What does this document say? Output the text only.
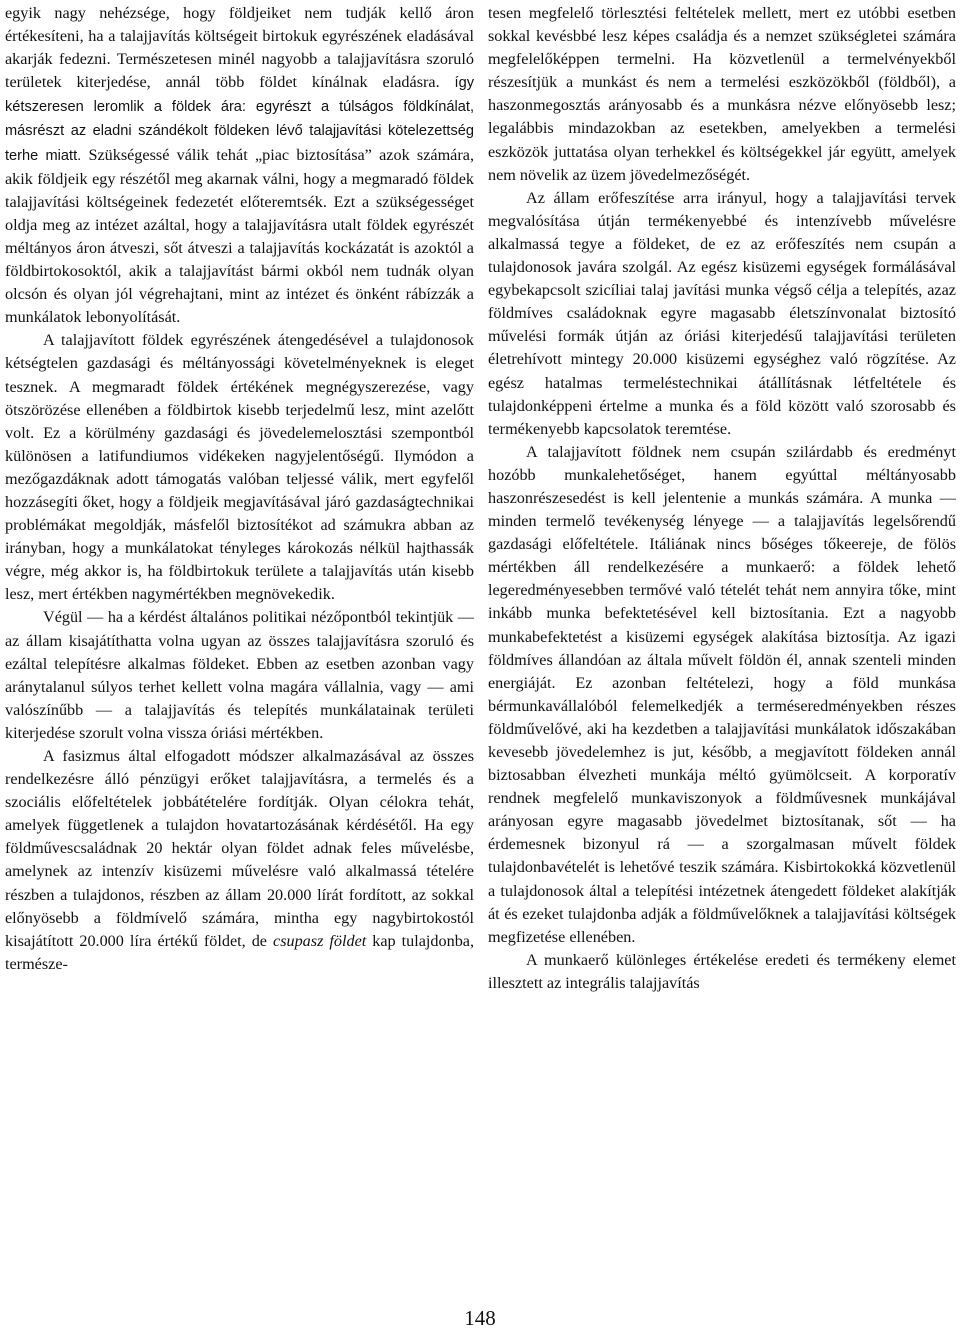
egyik nagy nehézsége, hogy földjeiket nem tudják kellő áron értékesíteni, ha a talajjavítás költségeit birtokuk egyrészének eladásával akarják fedezni. Természetesen minél nagyobb a talajjavításra szoruló területek kiterjedése, annál több földet kínálnak eladásra. így kétszeresen leromlik a földek ára: egyrészt a túlságos földkínálat, másrészt az eladni szándékolt földeken lévő talajjavítási kötelezettség terhe miatt. Szükségessé válik tehát „piac biztosítása” azok számára, akik földjeik egy részétől meg akarnak válni, hogy a megmaradó földek talajjavítási költségeinek fedezetét előteremtsék. Ezt a szükségességet oldja meg az intézet azáltal, hogy a talajjavításra utalt földek egyrészét méltányos áron átveszi, sőt átveszi a talajjavítás kockázatát is azoktól a földbirtokosoktól, akik a talajjavítást bármi okból nem tudnák olyan olcsón és olyan jól végrehajtani, mint az intézet és önként rábízzák a munkálatok lebonyolítását.

A talajjavított földek egyrészének átengedésével a tulajdonosok kétségtelen gazdasági és méltányossági követelményeknek is eleget tesznek. A megmaradt földek értékének megnégyszerezése, vagy ötszörözése ellenében a földbirtok kisebb terjedelmű lesz, mint azelőtt volt. Ez a körülmény gazdasági és jövedelemelosztási szempontból különösen a latifundiumos vidékeken nagyjelentőségű. Ilymódon a mezőgazdáknak adott támogatás valóban teljessé válik, mert egyfelől hozzásegíti őket, hogy a földjeik megjavításával járó gazdaságtechnikai problémákat megoldják, másfelől biztosítékot ad számukra abban az irányban, hogy a munkálatokat tényleges károkozás nélkül hajthassák végre, még akkor is, ha földbirtokuk területe a talajjavítás után kisebb lesz, mert értékben nagymértékben megnövekedik.

Végül — ha a kérdést általános politikai nézőpontból tekintjük — az állam kisajátíthatta volna ugyan az összes talajjavításra szoruló és ezáltal telepítésre alkalmas földeket. Ebben az esetben azonban vagy aránytalanul súlyos terhet kellett volna magára vállalnia, vagy — ami valószínűbb — a talajjavítás és telepítés munkálatainak területi kiterjedése szorult volna vissza óriási mértékben.

A fasizmus által elfogadott módszer alkalmazásával az összes rendelkezésre álló pénzügyi erőket talajjavításra, a termelés és a szociális előfeltételek jobbátételére fordítják. Olyan célokra tehát, amelyek függetlenek a tulajdon hovatartozásának kérdésétől. Ha egy földművescsaládnak 20 hektár olyan földet adnak feles művelésbe, amelynek az intenzív kisüzemi művelésre való alkalmassá tételére részben a tulajdonos, részben az állam 20.000 lírát fordított, az sokkal előnyösebb a földmívelő számára, mintha egy nagybirtokostól kisajátított 20.000 líra értékű földet, de csupasz földet kap tulajdonba, természe-

tesen megfelelő törlesztési feltételek mellett, mert ez utóbbi esetben sokkal kevésbbé lesz képes családja és a nemzet szükségletei számára megfelelőképpen termelni. Ha közvetlenül a termelvényekből részesítjük a munkást és nem a termelési eszközökből (földből), a haszonmegosztás arányosabb és a munkásra nézve előnyösebb lesz; legalábbis mindazokban az esetekben, amelyekben a termelési eszközök juttatása olyan terhekkel és költségekkel jár együtt, amelyek nem növelik az üzem jövedelmezőségét.

Az állam erőfeszítése arra irányul, hogy a talajjavítási tervek megvalósítása útján termékenyebbé és intenzívebb művelésre alkalmassá tegye a földeket, de ez az erőfeszítés nem csupán a tulajdonosok javára szolgál. Az egész kisüzemi egységek formálásával egybekapcsolt szicíliai talaj javítási munka végső célja a telepítés, azaz földmíves családoknak egyre magasabb életszínvonalat biztosító művelési formák útján az óriási kiterjedésű talajjavítási területen életrehívott mintegy 20.000 kisüzemi egységhez való rögzítése. Az egész hatalmas termeléstechnikai átállításnak létfeltétele és tulajdonképpeni értelme a munka és a föld között való szorosabb és termékenyebb kapcsolatok teremtése.

A talajjavított földnek nem csupán szilárdabb és eredményt hozóbb munkalehetőséget, hanem egyúttal méltányosabb haszonrészesedést is kell jelentenie a munkás számára. A munka — minden termelő tevékenység lényege — a talajjavítás legelsőrendű gazdasági előfeltétele. Itáliának nincs bőséges tőkeereje, de fölös mértékben áll rendelkezésére a munkaerő: a földek lehető legeredményesebben termővé való tételét tehát nem annyira tőke, mint inkább munka befektetésével kell biztosítania. Ezt a nagyobb munkabefektetést a kisüzemi egységek alakítása biztosítja. Az igazi földmíves állandóan az általa művelt földön él, annak szenteli minden energiáját. Ez azonban feltételezi, hogy a föld munkása bérmunkavállalóból felemelkedjék a terméseredményekben részes földművelővé, aki ha kezdetben a talajjavítási munkálatok időszakában kevesebb jövedelemhez is jut, később, a megjavított földeken annál biztosabban élvezheti munkája méltó gyümölcseit. A korporatív rendnek megfelelő munkaviszonyok a földművesnek munkájával arányosan egyre magasabb jövedelmet biztosítanak, sőt — ha érdemesnek bizonyul rá — a szorgalmasan művelt földek tulajdonbavételét is lehetővé teszik számára. Kisbirtokokká közvetlenül a tulajdonosok által a telepítési intézetnek átengedett földeket alakítják át és ezeket tulajdonba adják a földművelőknek a talajjavítási költségek megfizetése ellenében.

A munkaerő különleges értékelése eredeti és termékeny elemet illesztett az integrális talajjavítás

148
